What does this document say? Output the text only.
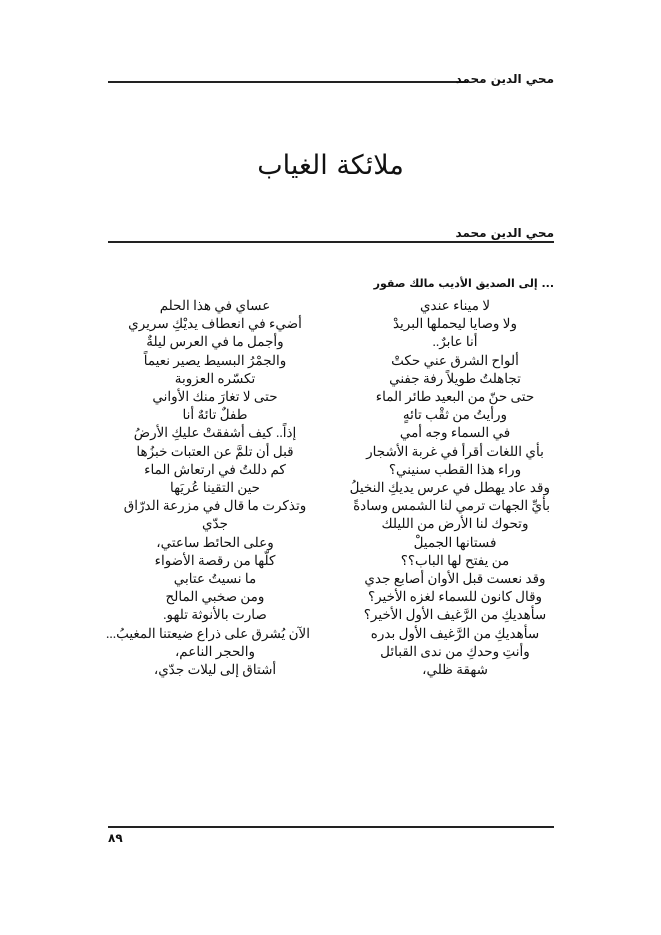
محي الدين محمد
ملائكة الغياب
محي الدين محمد
... إلى الصديق الأديب مالك صقور
لا ميناء عندي
ولا وصايا ليحملها البريدْ
أنا عابرٌ..
ألواح الشرق عني حكتْ
تجاهلتُ طويلاً رفة جفني
حتى حنّ من البعيد طائر الماء
ورأيتُ من ثقْب تائهٍ
في السماء وجه أمي
بأي اللغات أقرأ في غربة الأشجار
وراء هذا القطب سنيني؟
وقد عاد يهطل في عرس يديكِ النخيلُ
بأيِّ الجهات ترمي لنا الشمس وسادةً
وتحوك لنا الأرض من الليلك
فستانها الجميلْ
من يفتح لها الباب؟؟
وقد نعست قبل الأوان أصابع جدي
وقال كانون للسماء لغزه الأخير؟
سأهديكِ من الرَّغيف الأول الأخير؟
سأهديكِ من الرَّغيف الأول بدره
وأنتِ وحدكِ من ندى القبائل
شهقة ظلي،
عساي في هذا الحلم
أضيء في انعطاف يديْكِ سريري
وأجمل ما في العرس ليلةٌ
والجمْرُ البسيط يصير نعيماً
تكسّره العزوبة
حتى لا تغارَ منك الأواني
طفلٌ تائهٌ أنا
إذاً.. كيف أشفقتْ عليكِ الأرضُ
قبل أن تلمَّ عن العتبات خبزُها
كم دللتُ في ارتعاش الماء
حين التقينا عُريَها
وتذكرت ما قال في مزرعة الدرّاق
جدّي
وعلى الحائط ساعتي،
كلّها من رقصة الأضواء
ما نسيتُ عتابي
ومن صخبي المالح
صارت بالأنوثة تلهو.
الآن يُشرق على ذراع ضيعتنا المغيبُ...
والحجر الناعم،
أشتاق إلى ليلات جدّي،
٨٩
